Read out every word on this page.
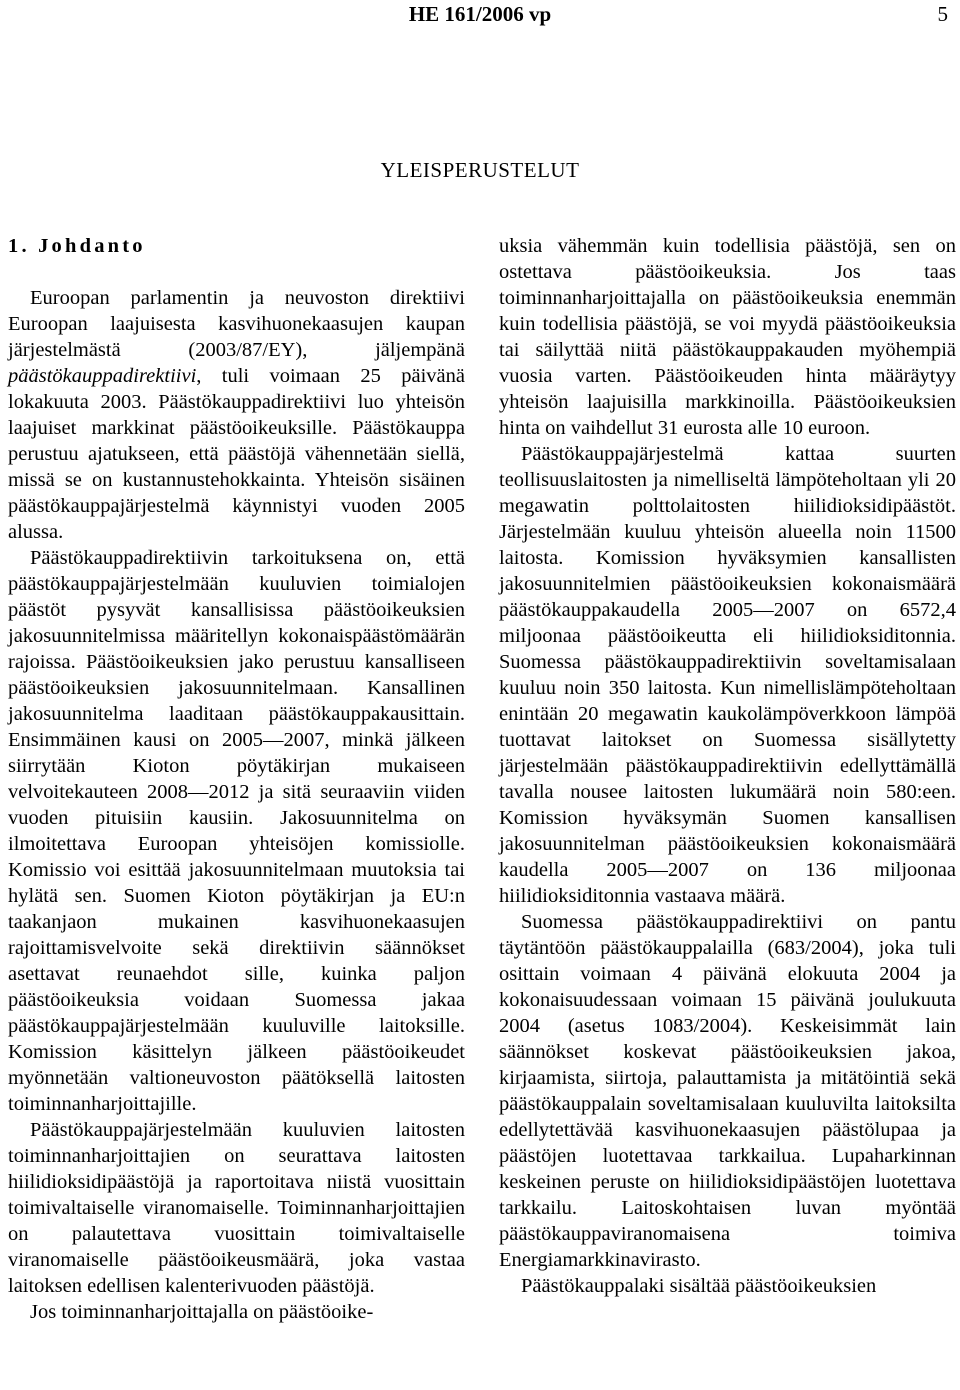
HE 161/2006 vp	5
YLEISPERUSTELUT
1. Johdanto

Euroopan parlamentin ja neuvoston direktiivi Euroopan laajuisesta kasvihuonekaasujen kaupan järjestelmästä (2003/87/EY), jäljempänä päästökauppadirektiivi, tuli voimaan 25 päivänä lokakuuta 2003. Päästökauppadirektiivi luo yhteisön laajuiset markkinat päästöoikeuksille. Päästökauppa perustuu ajatukseen, että päästöjä vähennetään siellä, missä se on kustannustehokkainta. Yhteisön sisäinen päästökauppajärjestelmä käynnistyi vuoden 2005 alussa.

Päästökauppadirektiivin tarkoituksena on, että päästökauppajärjestelmään kuuluvien toimialojen päästöt pysyvät kansallisissa päästöoikeuksien jakosuunnitelmissa määritellyn kokonaispäästömäärän rajoissa. Päästöoikeuksien jako perustuu kansalliseen päästöoikeuksien jakosuunnitelmaan. Kansallinen jakosuunnitelma laaditaan päästökauppakausittain. Ensimmäinen kausi on 2005—2007, minkä jälkeen siirrytään Kioton pöytäkirjan mukaiseen velvoitekauteen 2008—2012 ja sitä seuraaviin viiden vuoden pituisiin kausiin. Jakosuunnitelma on ilmoitettava Euroopan yhteisöjen komissiolle. Komissio voi esittää jakosuunnitelmaan muutoksia tai hylätä sen. Suomen Kioton pöytäkirjan ja EU:n taakanjaon mukainen kasvihuonekaasujen rajoittamisvelvoite sekä direktiivin säännökset asettavat reunaehdot sille, kuinka paljon päästöoikeuksia voidaan Suomessa jakaa päästökauppajärjestelmään kuuluville laitoksille. Komission käsittelyn jälkeen päästöoikeudet myönnetään valtioneuvoston päätöksellä laitosten toiminnanharjoittajille.

Päästökauppajärjestelmään kuuluvien laitosten toiminnanharjoittajien on seurattava laitosten hiilidioksidipäästöjä ja raportoitava niistä vuosittain toimivaltaiselle viranomaiselle. Toiminnanharjoittajien on palautettava vuosittain toimivaltaiselle viranomaiselle päästöoikeusmäärä, joka vastaa laitoksen edellisen kalenterivuoden päästöjä.

Jos toiminnanharjoittajalla on päästöoike-

uksia vähemmän kuin todellisia päästöjä, sen on ostettava päästöoikeuksia. Jos taas toiminnanharjoittajalla on päästöoikeuksia enemmän kuin todellisia päästöjä, se voi myydä päästöoikeuksia tai säilyttää niitä päästökauppakauden myöhempiä vuosia varten. Päästöoikeuden hinta määräytyy yhteisön laajuisilla markkinoilla. Päästöoikeuksien hinta on vaihdellut 31 eurosta alle 10 euroon.

Päästökauppajärjestelmä kattaa suurten teollisuuslaitosten ja nimelliseltä lämpöteholtaan yli 20 megawatin polttolaitosten hiilidioksidipäästöt. Järjestelmään kuuluu yhteisön alueella noin 11500 laitosta. Komission hyväksymien kansallisten jakosuunnitelmien päästöoikeuksien kokonaismäärä päästökauppakaudella 2005—2007 on 6572,4 miljoonaa päästöoikeutta eli hiilidioksiditonnia. Suomessa päästökauppadirektiivin soveltamisalaan kuuluu noin 350 laitosta. Kun nimellislämpöteholtaan enintään 20 megawatin kaukolämpöverkkoon lämpöä tuottavat laitokset on Suomessa sisällytetty järjestelmään päästökauppadirektiivin edellyttämällä tavalla nousee laitosten lukumäärä noin 580:een. Komission hyväksymän Suomen kansallisen jakosuunnitelman päästöoikeuksien kokonaismäärä kaudella 2005—2007 on 136 miljoonaa hiilidioksiditonnia vastaava määrä.

Suomessa päästökauppadirektiivi on pantu täytäntöön päästökauppalailla (683/2004), joka tuli osittain voimaan 4 päivänä elokuuta 2004 ja kokonaisuudessaan voimaan 15 päivänä joulukuuta 2004 (asetus 1083/2004). Keskeisimmät lain säännökset koskevat päästöoikeuksien jakoa, kirjaamista, siirtoja, palauttamista ja mitätöintiä sekä päästökauppalain soveltamisalaan kuuluvilta laitoksilta edellytettävää kasvihuonekaasujen päästölupaa ja päästöjen luotettavaa tarkkailua. Lupaharkinnan keskeinen peruste on hiilidioksidipäästöjen luotettava tarkkailu. Laitoskohtaisen luvan myöntää päästökauppaviranomaisena toimiva Energiamarkkinavirasto.

Päästökauppalaki sisältää päästöoikeuksien
